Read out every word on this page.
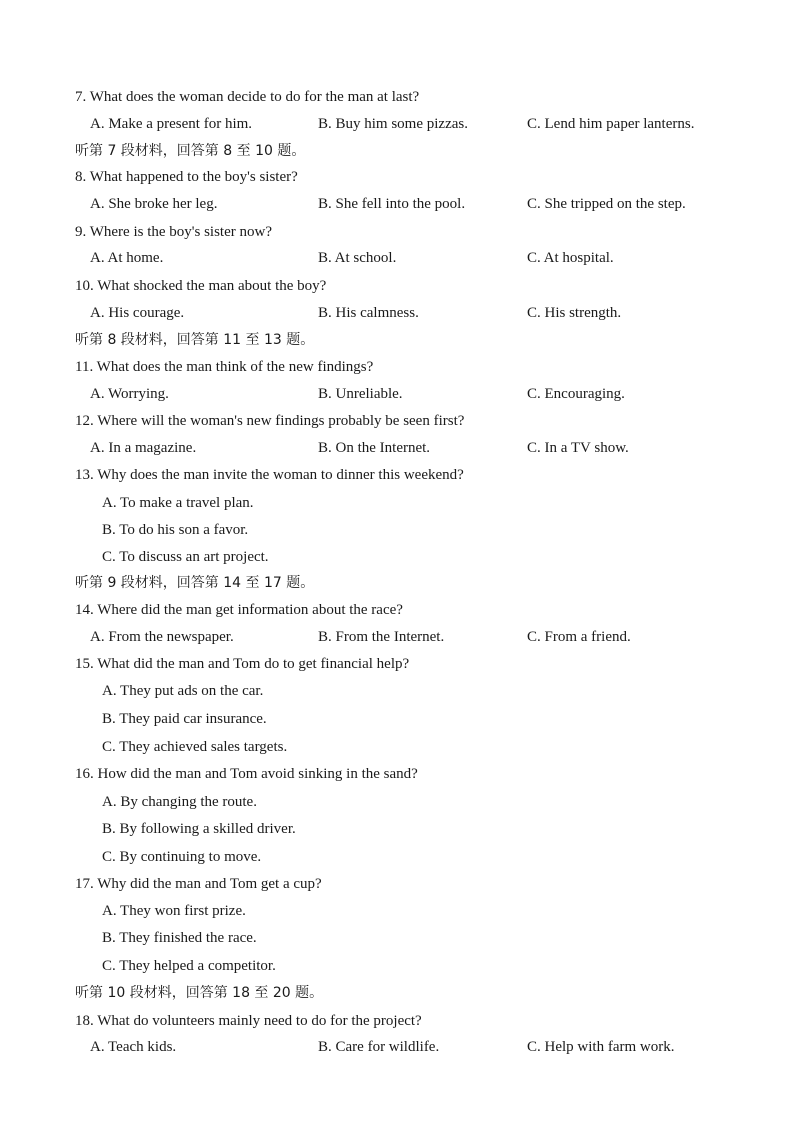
7. What does the woman decide to do for the man at last?
A. Make a present for him.	B. Buy him some pizzas.	C. Lend him paper lanterns.
听第 7 段材料，回答第 8 至 10 题。
8. What happened to the boy's sister?
A. She broke her leg.	B. She fell into the pool.	C. She tripped on the step.
9. Where is the boy's sister now?
A. At home.	B. At school.	C. At hospital.
10. What shocked the man about the boy?
A. His courage.	B. His calmness.	C. His strength.
听第 8 段材料，回答第 11 至 13 题。
11. What does the man think of the new findings?
A. Worrying.	B. Unreliable.	C. Encouraging.
12. Where will the woman's new findings probably be seen first?
A. In a magazine.	B. On the Internet.	C. In a TV show.
13. Why does the man invite the woman to dinner this weekend?
A. To make a travel plan.
B. To do his son a favor.
C. To discuss an art project.
听第 9 段材料，回答第 14 至 17 题。
14. Where did the man get information about the race?
A. From the newspaper.	B. From the Internet.	C. From a friend.
15. What did the man and Tom do to get financial help?
A. They put ads on the car.
B. They paid car insurance.
C. They achieved sales targets.
16. How did the man and Tom avoid sinking in the sand?
A. By changing the route.
B. By following a skilled driver.
C. By continuing to move.
17. Why did the man and Tom get a cup?
A. They won first prize.
B. They finished the race.
C. They helped a competitor.
听第 10 段材料，回答第 18 至 20 题。
18. What do volunteers mainly need to do for the project?
A. Teach kids.	B. Care for wildlife.	C. Help with farm work.
